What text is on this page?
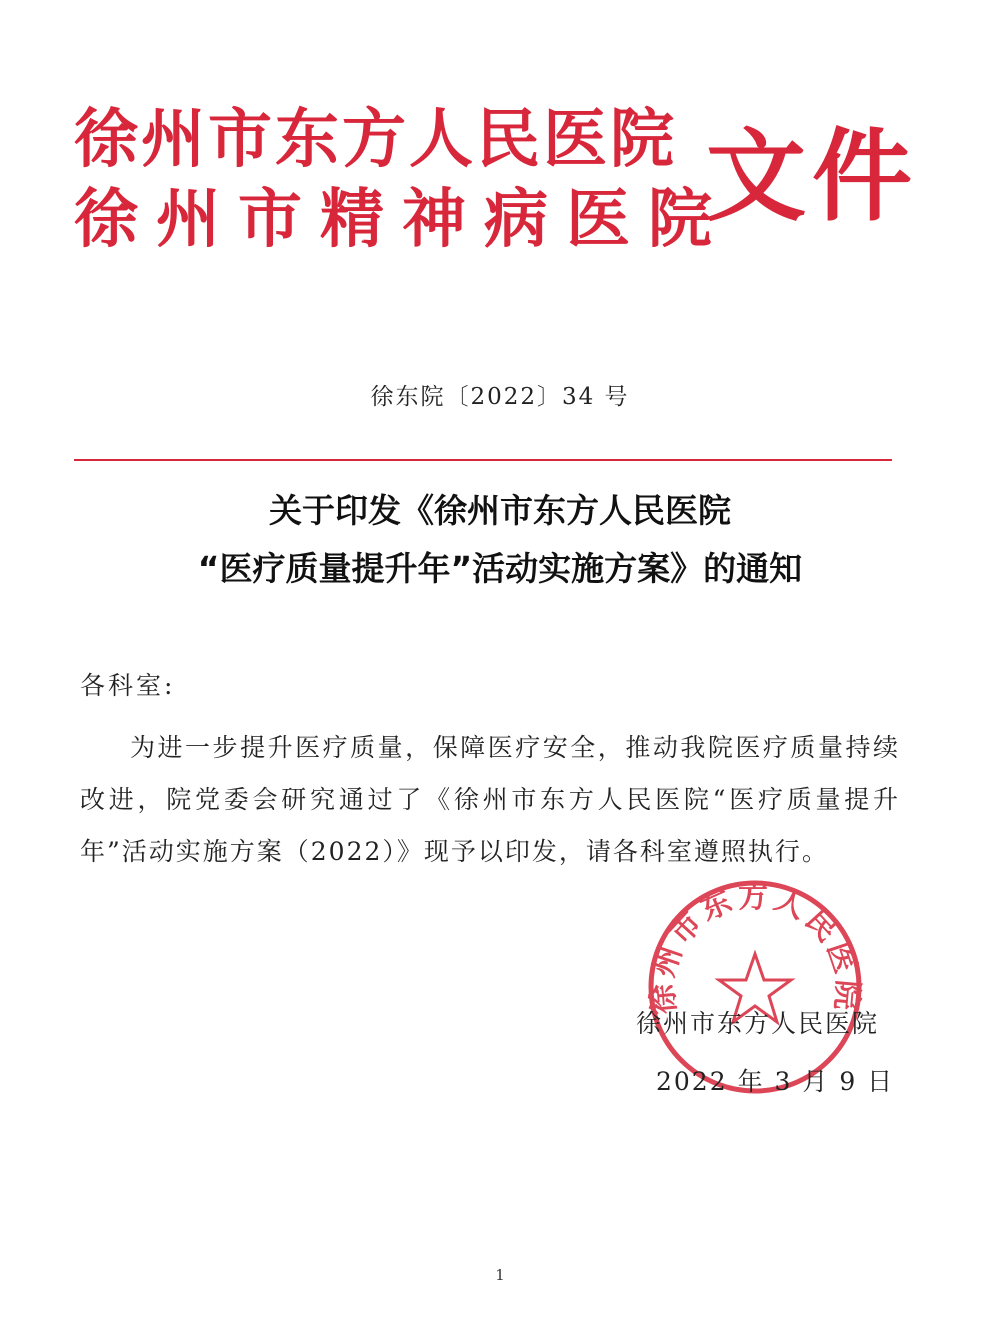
徐州市东方人民医院
徐州市精神病医院
文件
徐东院〔2022〕34 号
关于印发《徐州市东方人民医院
“医疗质量提升年”活动实施方案》的通知
各科室:
为进一步提升医疗质量，保障医疗安全，推动我院医疗质量持续改进，院党委会研究通过了《徐州市东方人民医院“医疗质量提升年”活动实施方案（2022）》现予以印发，请各科室遵照执行。
徐州市东方人民医院
徐州市东方人民医院
2022 年 3 月 9 日
1
